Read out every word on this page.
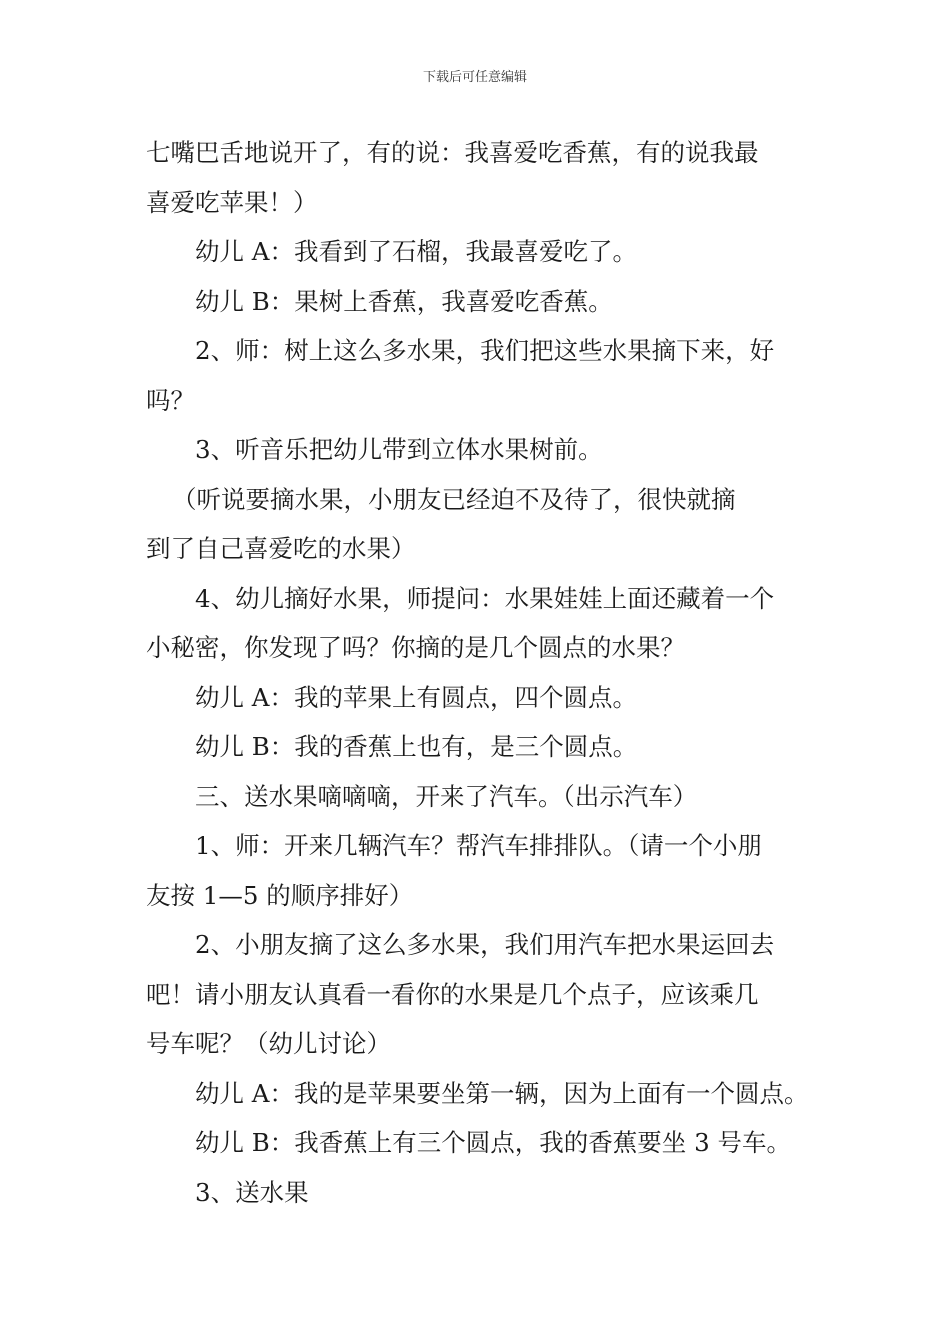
下载后可任意编辑

七嘴巴舌地说开了，有的说：我喜爱吃香蕉，有的说我最

喜爱吃苹果！）

幼儿 A：我看到了石榴，我最喜爱吃了。

幼儿 B：果树上香蕉，我喜爱吃香蕉。

2、师：树上这么多水果，我们把这些水果摘下来，好

吗？

3、听音乐把幼儿带到立体水果树前。

（听说要摘水果，小朋友已经迫不及待了，很快就摘

到了自己喜爱吃的水果）

4、幼儿摘好水果，师提问：水果娃娃上面还藏着一个

小秘密，你发现了吗？你摘的是几个圆点的水果？

幼儿 A：我的苹果上有圆点，四个圆点。

幼儿 B：我的香蕉上也有，是三个圆点。

三、送水果嘀嘀嘀，开来了汽车。（出示汽车）

1、师：开来几辆汽车？帮汽车排排队。（请一个小朋

友按 1—5 的顺序排好）

2、小朋友摘了这么多水果，我们用汽车把水果运回去

吧！请小朋友认真看一看你的水果是几个点子，应该乘几

号车呢？（幼儿讨论）

幼儿 A：我的是苹果要坐第一辆，因为上面有一个圆点。

幼儿 B：我香蕉上有三个圆点，我的香蕉要坐 3 号车。

3、送水果
